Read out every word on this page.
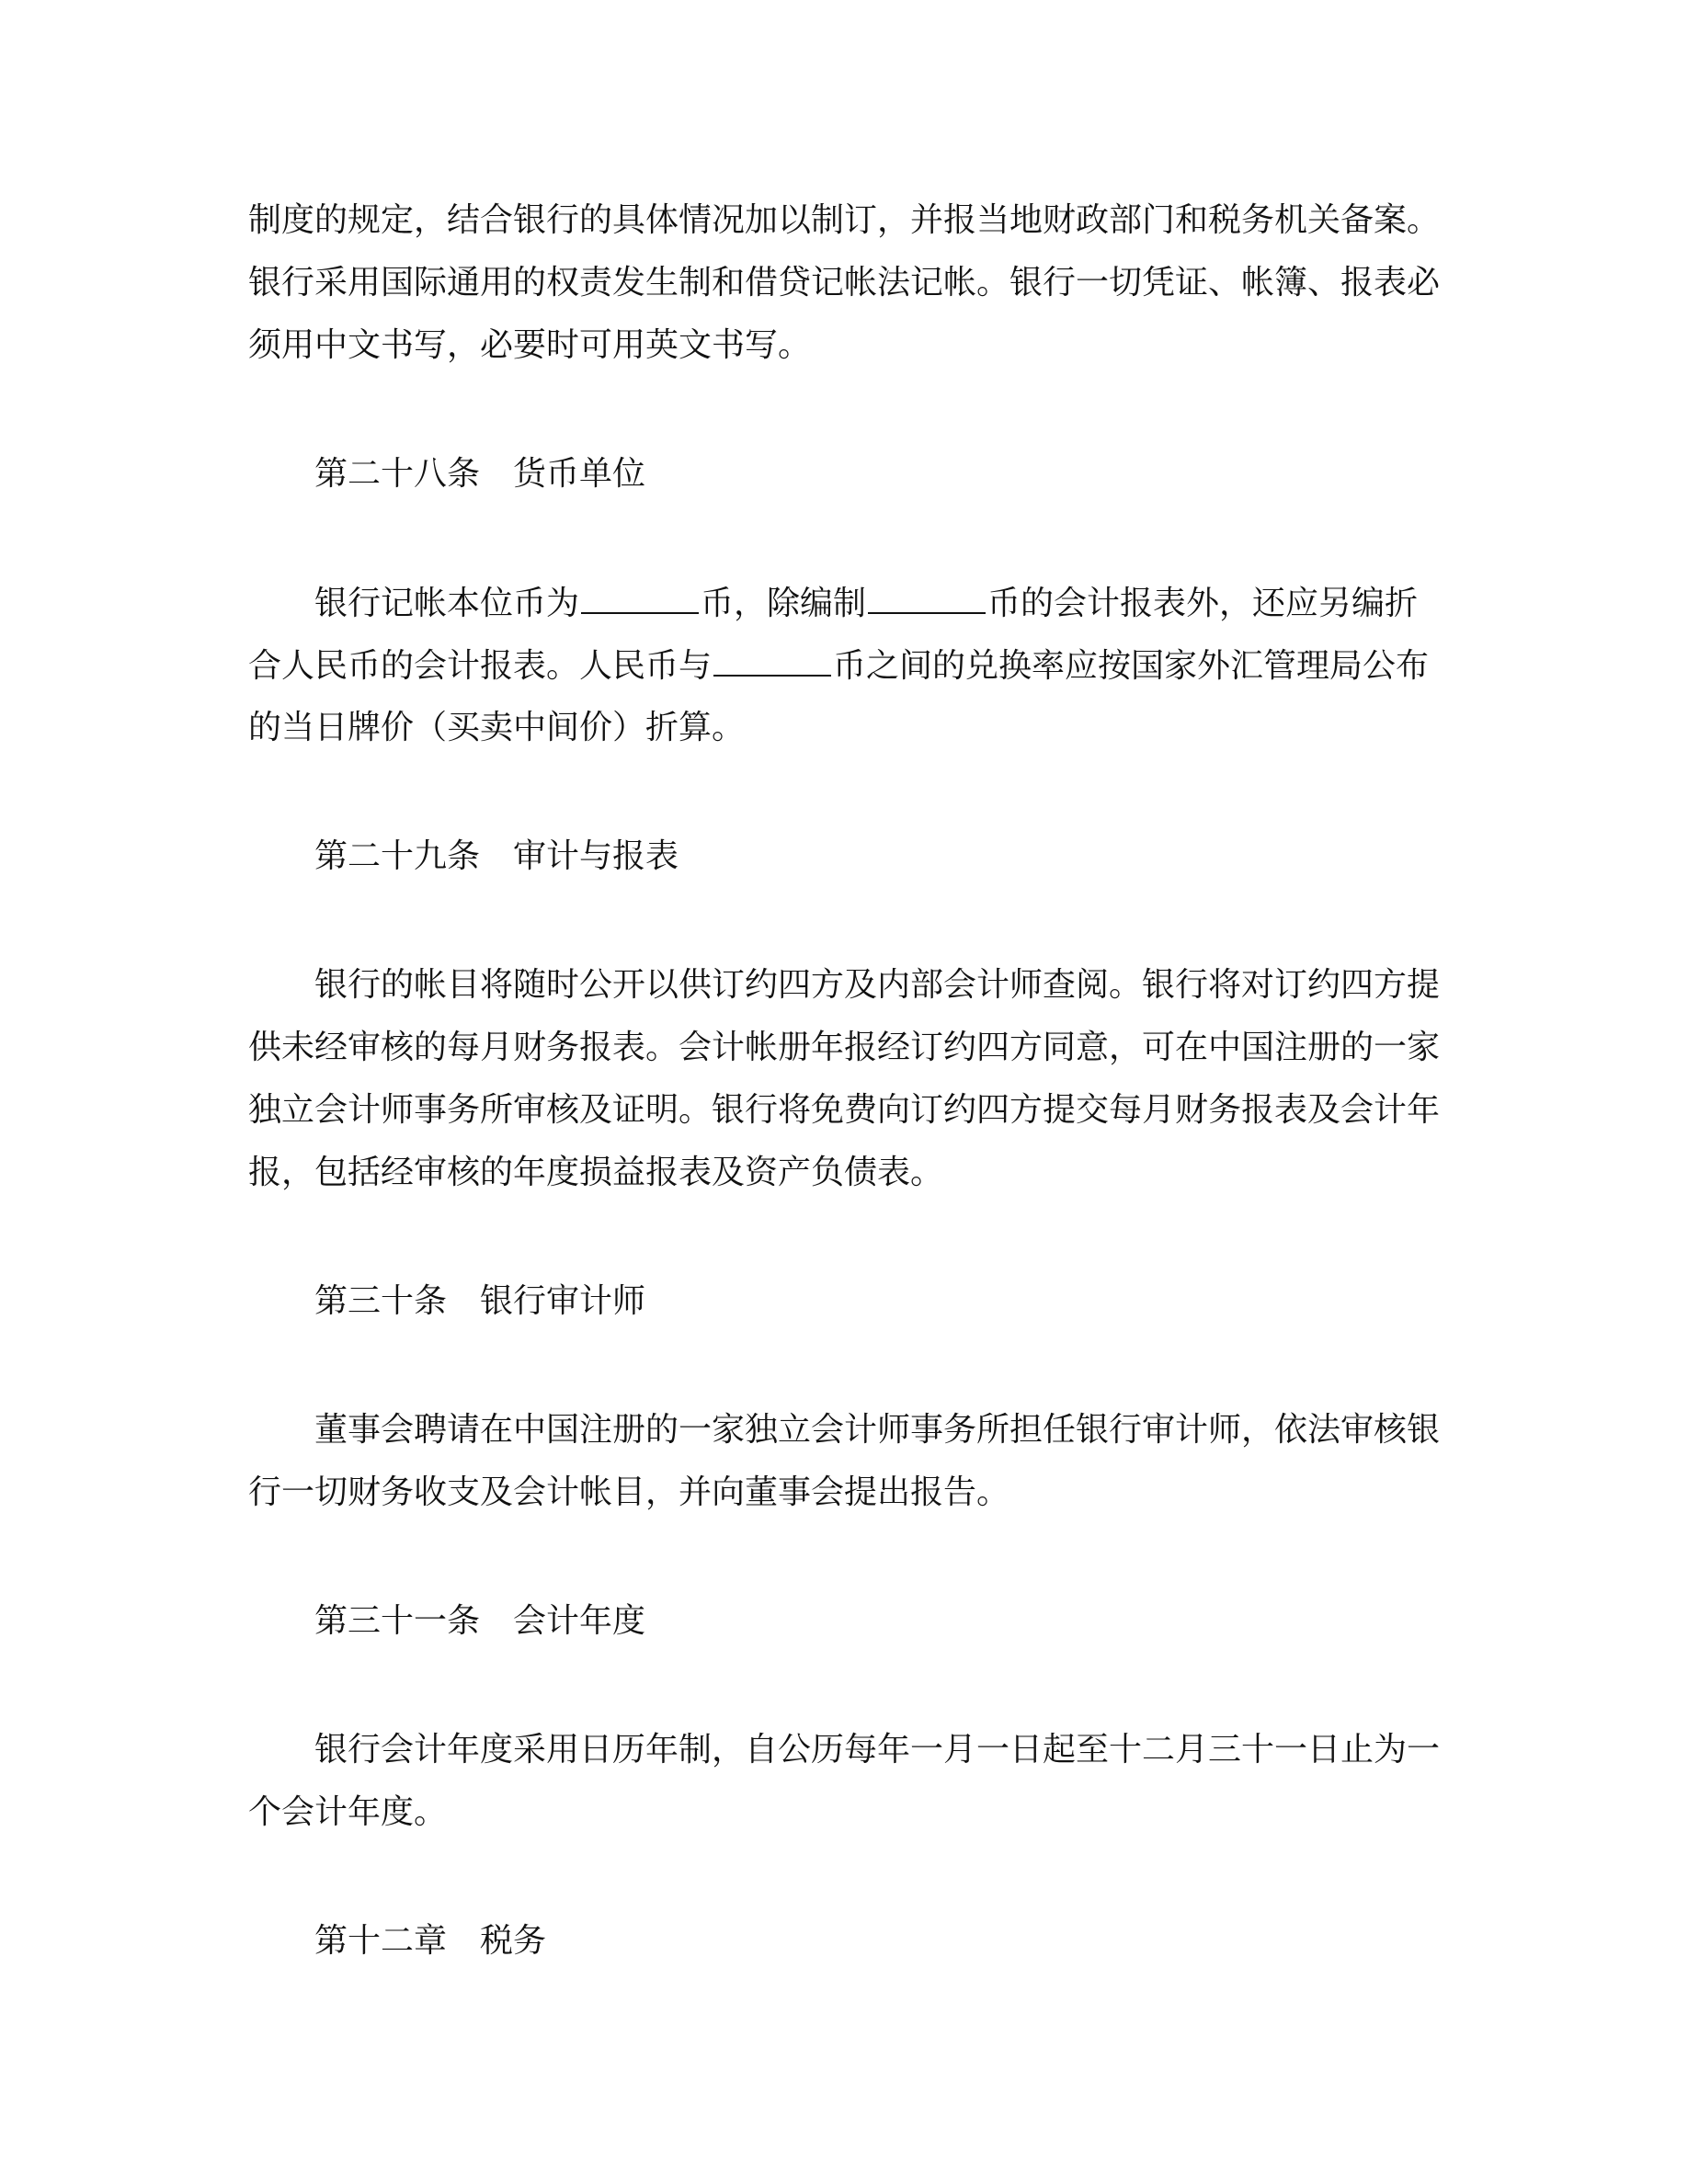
制度的规定，结合银行的具体情况加以制订，并报当地财政部门和税务机关备案。

银行采用国际通用的权责发生制和借贷记帐法记帐。银行一切凭证、帐簿、报表必

须用中文书写，必要时可用英文书写。

第二十八条　货币单位

银行记帐本位币为	币，除编制	币的会计报表外，还应另编折

合人民币的会计报表。人民币与	币之间的兑换率应按国家外汇管理局公布

的当日牌价（买卖中间价）折算。

第二十九条　审计与报表

银行的帐目将随时公开以供订约四方及内部会计师查阅。银行将对订约四方提

供未经审核的每月财务报表。会计帐册年报经订约四方同意，可在中国注册的一家

独立会计师事务所审核及证明。银行将免费向订约四方提交每月财务报表及会计年

报，包括经审核的年度损益报表及资产负债表。

第三十条　银行审计师

董事会聘请在中国注册的一家独立会计师事务所担任银行审计师，依法审核银

行一切财务收支及会计帐目，并向董事会提出报告。

第三十一条　会计年度

银行会计年度采用日历年制，自公历每年一月一日起至十二月三十一日止为一

个会计年度。

第十二章　税务
